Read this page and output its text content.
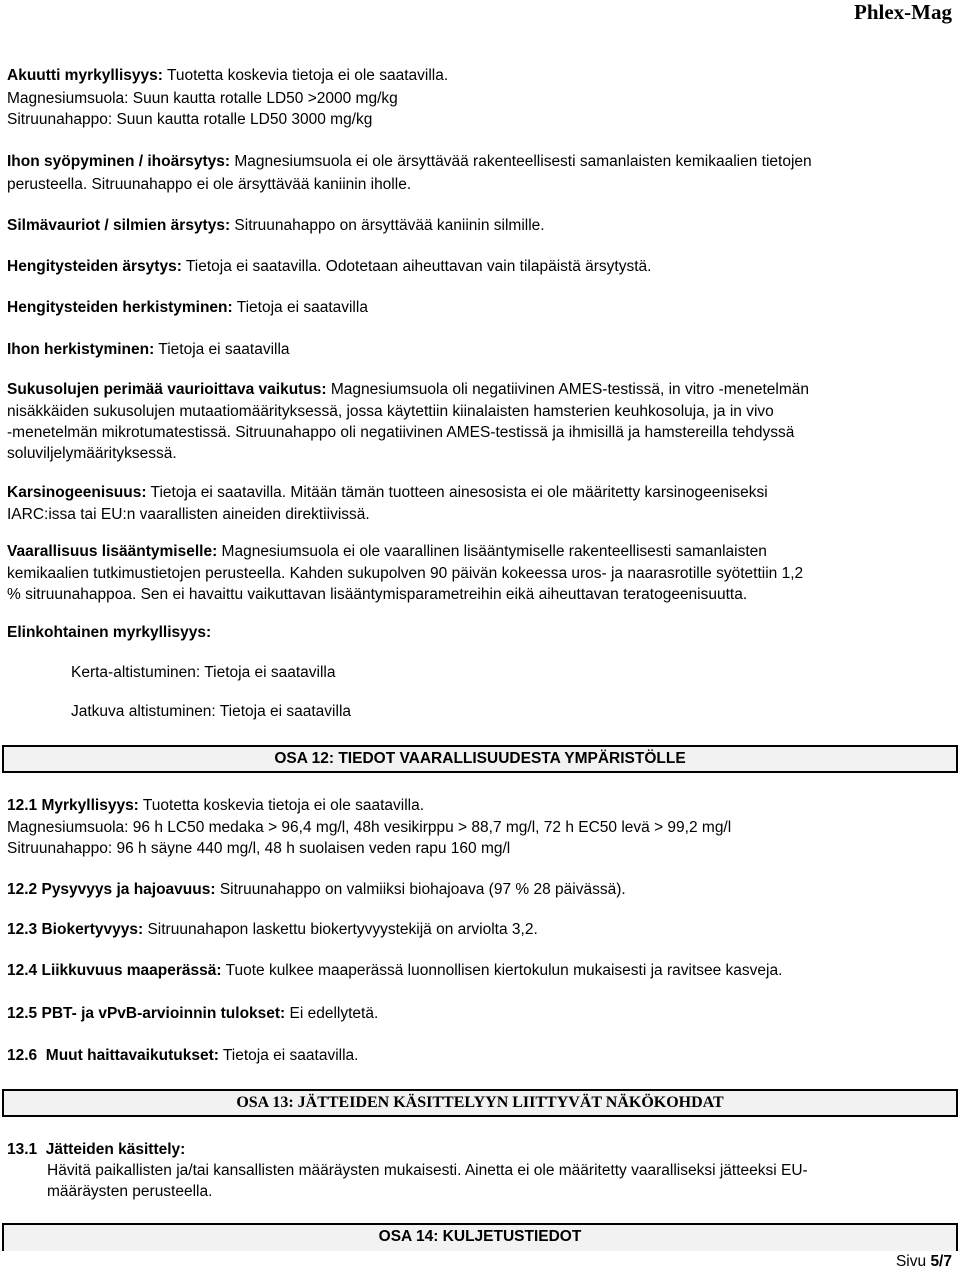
Phlex-Mag
Akuutti myrkyllisyys: Tuotetta koskevia tietoja ei ole saatavilla.
Magnesiumsuola: Suun kautta rotalle LD50 >2000 mg/kg
Sitruunahappo: Suun kautta rotalle LD50 3000 mg/kg
Ihon syöpyminen / ihoärsytys: Magnesiumsuola ei ole ärsyttävää rakenteellisesti samanlaisten kemikaalien tietojen
perusteella. Sitruunahappo ei ole ärsyttävää kaniinin iholle.
Silmävauriot / silmien ärsytys: Sitruunahappo on ärsyttävää kaniinin silmille.
Hengitysteiden ärsytys: Tietoja ei saatavilla. Odotetaan aiheuttavan vain tilapäistä ärsytystä.
Hengitysteiden herkistyminen: Tietoja ei saatavilla
Ihon herkistyminen: Tietoja ei saatavilla
Sukusolujen perimää vaurioittava vaikutus: Magnesiumsuola oli negatiivinen AMES-testissä, in vitro -menetelmän
nisäkkäiden sukusolujen mutaatiomäärityksessä, jossa käytettiin kiinalaisten hamsterien keuhkosoluja, ja in vivo
-menetelmän mikrotumatestissä. Sitruunahappo oli negatiivinen AMES-testissä ja ihmisillä ja hamstereilla tehdyssä
soluviljelymäärityksessä.
Karsinogeenisuus: Tietoja ei saatavilla. Mitään tämän tuotteen ainesosista ei ole määritetty karsinogeeniseksi
IARC:issa tai EU:n vaarallisten aineiden direktiivissä.
Vaarallisuus lisääntymiselle: Magnesiumsuola ei ole vaarallinen lisääntymiselle rakenteellisesti samanlaisten
kemikaalien tutkimustietojen perusteella. Kahden sukupolven 90 päivän kokeessa uros- ja naarasrotille syötettiin 1,2
% sitruunahappoa. Sen ei havaittu vaikuttavan lisääntymisparametreihin eikä aiheuttavan teratogeenisuutta.
Elinkohtainen myrkyllisyys:
Kerta-altistuminen: Tietoja ei saatavilla
Jatkuva altistuminen: Tietoja ei saatavilla
OSA 12: TIEDOT VAARALLISUUDESTA YMPÄRISTÖLLE
12.1 Myrkyllisyys: Tuotetta koskevia tietoja ei ole saatavilla.
Magnesiumsuola: 96 h LC50 medaka > 96,4 mg/l, 48h vesikirppu > 88,7 mg/l, 72 h EC50 levä > 99,2 mg/l
Sitruunahappo: 96 h säyne 440 mg/l, 48 h suolaisen veden rapu 160 mg/l
12.2 Pysyvyys ja hajoavuus: Sitruunahappo on valmiiksi biohajoava (97 % 28 päivässä).
12.3 Biokertyvyys: Sitruunahapon laskettu biokertyvyystekijä on arviolta 3,2.
12.4 Liikkuvuus maaperässä: Tuote kulkee maaperässä luonnollisen kiertokulun mukaisesti ja ravitsee kasveja.
12.5 PBT- ja vPvB-arvioinnin tulokset: Ei edellytetä.
12.6  Muut haittavaikutukset: Tietoja ei saatavilla.
OSA 13: JÄTTEIDEN KÄSITTELYYN LIITTYVÄT NÄKÖKOHDAT
13.1  Jätteiden käsittely:
Hävitä paikallisten ja/tai kansallisten määräysten mukaisesti. Ainetta ei ole määritetty vaaralliseksi jätteeksi EU-
määräysten perusteella.
OSA 14: KULJETUSTIEDOT
Sivu 5/7
